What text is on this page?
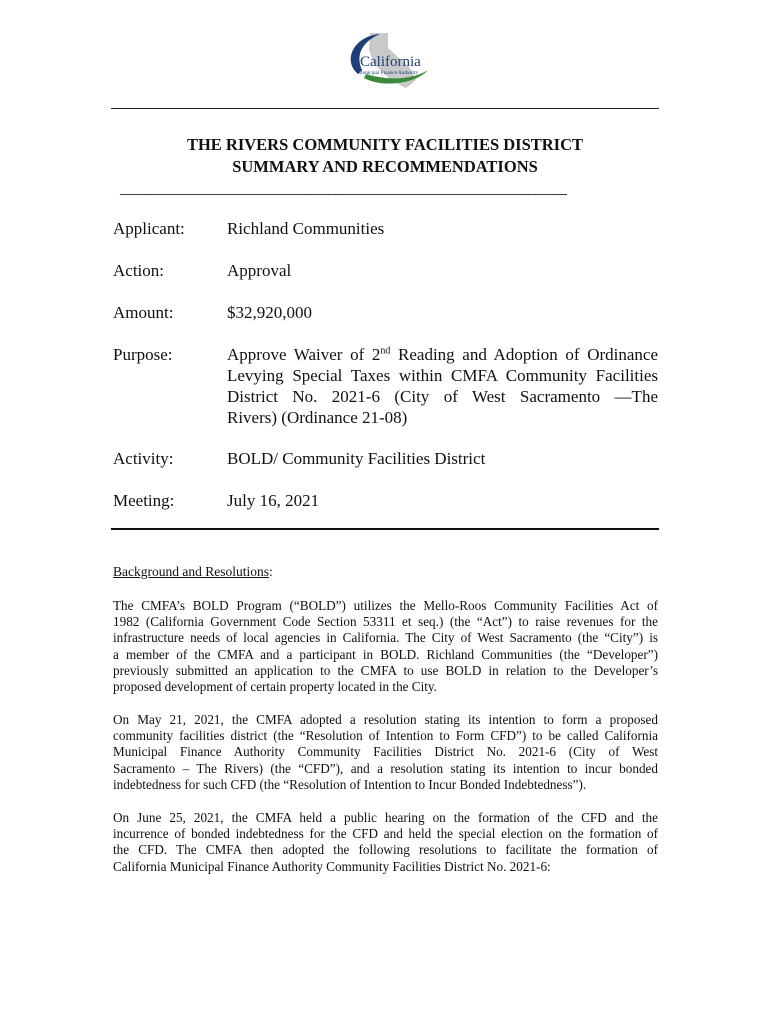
California
Municipal Finance Authority
THE RIVERS COMMUNITY FACILITIES DISTRICT
SUMMARY AND RECOMMENDATIONS
__________________________________________________________
Applicant: Richland Communities
Action:	Approval
Amount:	$32,920,000
Purpose:	Approve Waiver of 2nd Reading and Adoption of Ordinance
Levying Special Taxes within CMFA Community Facilities
District No. 2021-6 (City of West Sacramento —The
Rivers) (Ordinance 21-08)
Activity:	BOLD/ Community Facilities District
Meeting:	July 16, 2021
Background and Resolutions:
The CMFA’s BOLD Program (“BOLD”) utilizes the Mello-Roos Community Facilities Act of
1982 (California Government Code Section 53311 et seq.) (the “Act”) to raise revenues for the
infrastructure needs of local agencies in California. The City of West Sacramento (the “City”) is
a member of the CMFA and a participant in BOLD. Richland Communities (the “Developer”)
previously submitted an application to the CMFA to use BOLD in relation to the Developer’s
proposed development of certain property located in the City.
On May 21, 2021, the CMFA adopted a resolution stating its intention to form a proposed
community facilities district (the “Resolution of Intention to Form CFD”) to be called California
Municipal Finance Authority Community Facilities District No. 2021-6 (City of West
Sacramento – The Rivers) (the “CFD”), and a resolution stating its intention to incur bonded
indebtedness for such CFD (the “Resolution of Intention to Incur Bonded Indebtedness”).
On June 25, 2021, the CMFA held a public hearing on the formation of the CFD and the
incurrence of bonded indebtedness for the CFD and held the special election on the formation of
the CFD. The CMFA then adopted the following resolutions to facilitate the formation of
California Municipal Finance Authority Community Facilities District No. 2021-6:
